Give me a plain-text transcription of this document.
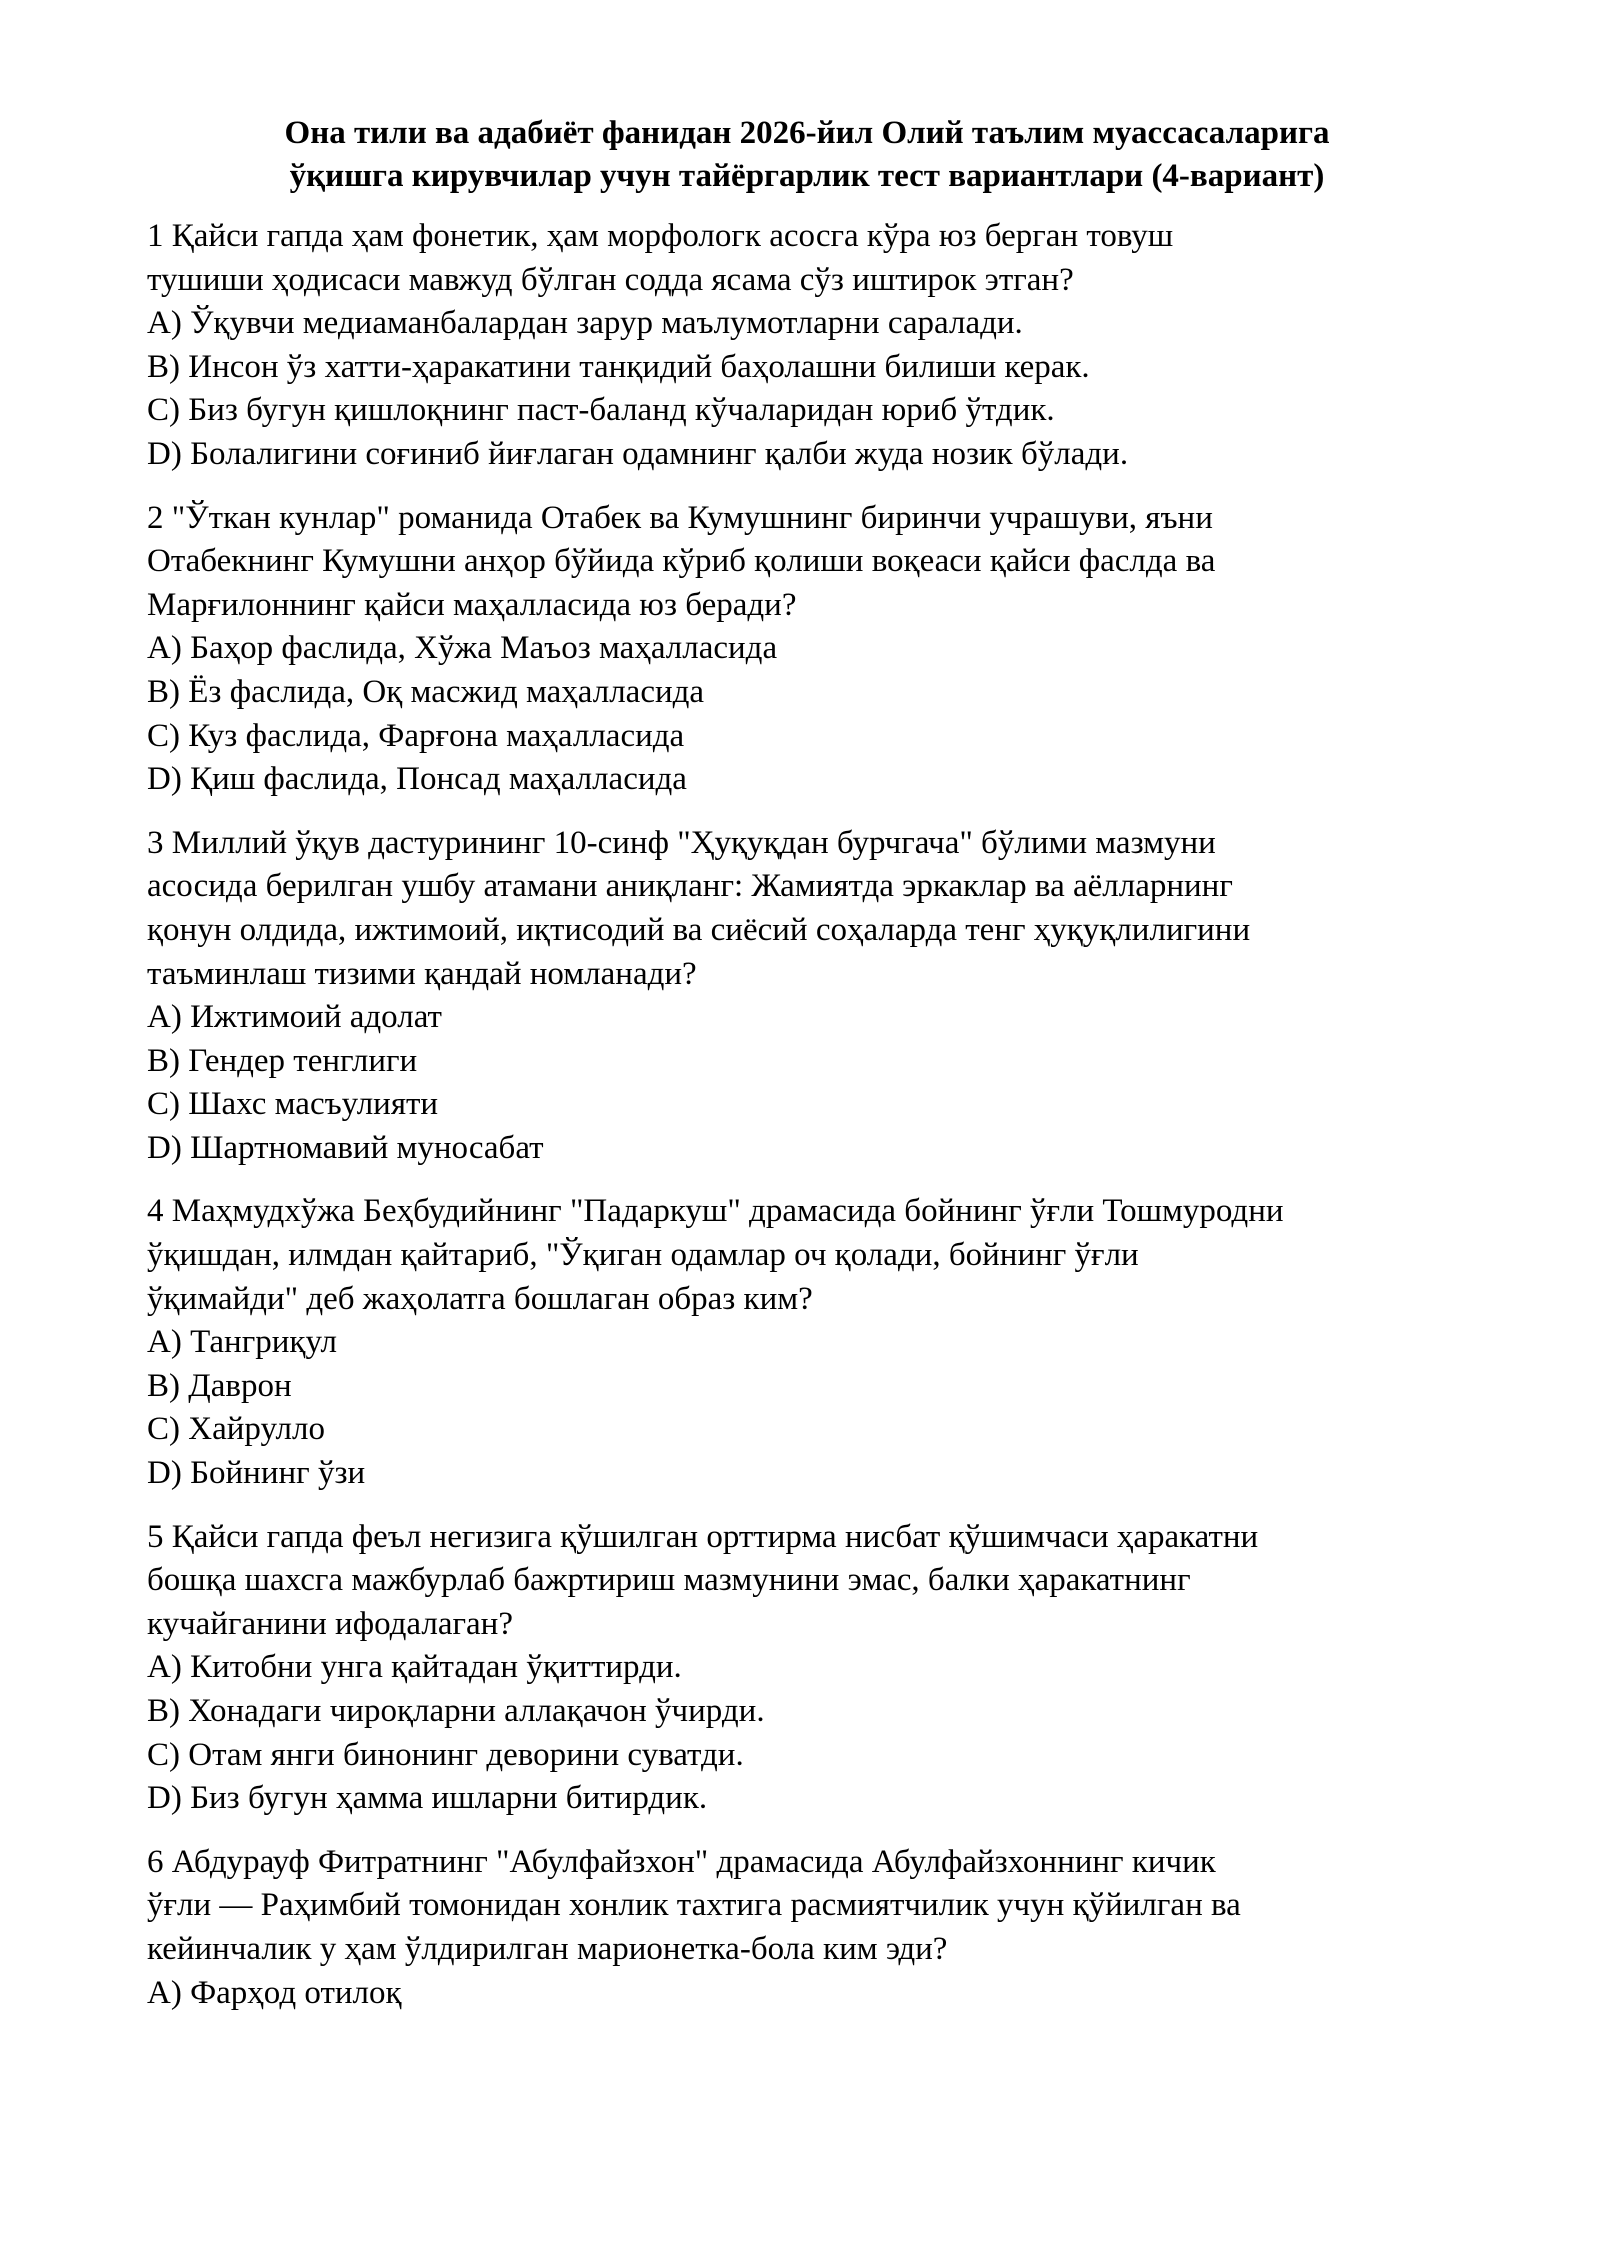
Она тили ва адабиёт фанидан 2026-йил Олий таълим муассасаларига
ўқишга кирувчилар учун тайёргарлик тест вариантлари (4-вариант)
1 Қайси гапда ҳам фонетик, ҳам морфологк асосга кўра юз берган товуш
тушиши ҳодисаси мавжуд бўлган содда ясама сўз иштирок этган?
A) Ўқувчи медиаманбалардан зарур маълумотларни саралади.
B) Инсон ўз хатти-ҳаракатини танқидий баҳолашни билиши керак.
C) Биз бугун қишлоқнинг паст-баланд кўчаларидан юриб ўтдик.
D) Болалигини соғиниб йиғлаган одамнинг қалби жуда нозик бўлади.
2 "Ўткан кунлар" романида Отабек ва Кумушнинг биринчи учрашуви, яъни
Отабекнинг Кумушни анҳор бўйида кўриб қолиши воқеаси қайси фаслда ва
Марғилоннинг қайси маҳалласида юз беради?
A) Баҳор фаслида, Хўжа Маъоз маҳалласида
B) Ёз фаслида, Оқ масжид маҳалласида
C) Куз фаслида, Фарғона маҳалласида
D) Қиш фаслида, Понсад маҳалласида
3 Миллий ўқув дастурининг 10-синф "Ҳуқуқдан бурчгача" бўлими мазмуни
асосида берилган ушбу атамани аниқланг: Жамиятда эркаклар ва аёлларнинг
қонун олдида, ижтимоий, иқтисодий ва сиёсий соҳаларда тенг ҳуқуқлилигини
таъминлаш тизими қандай номланади?
A) Ижтимоий адолат
B) Гендер тенглиги
C) Шахс масъулияти
D) Шартномавий муносабат
4 Маҳмудхўжа Беҳбудийнинг "Падаркуш" драмасида бойнинг ўғли Тошмуродни
ўқишдан, илмдан қайтариб, "Ўқиган одамлар оч қолади, бойнинг ўғли
ўқимайди" деб жаҳолатга бошлаган образ ким?
A) Тангриқул
B) Даврон
C) Хайрулло
D) Бойнинг ўзи
5 Қайси гапда феъл негизига қўшилган орттирма нисбат қўшимчаси ҳаракатни
бошқа шахсга мажбурлаб бажртириш мазмунини эмас, балки ҳаракатнинг
кучайганини ифодалаган?
A) Китобни унга қайтадан ўқиттирди.
B) Хонадаги чироқларни аллақачон ўчирди.
C) Отам янги бинонинг деворини суватди.
D) Биз бугун ҳамма ишларни битирдик.
6 Абдурауф Фитратнинг "Абулфайзхон" драмасида Абулфайзхоннинг кичик
ўғли — Раҳимбий томонидан хонлик тахтига расмиятчилик учун қўйилган ва
кейинчалик у ҳам ўлдирилган марионетка-бола ким эди?
A) Фарҳод отилоқ
